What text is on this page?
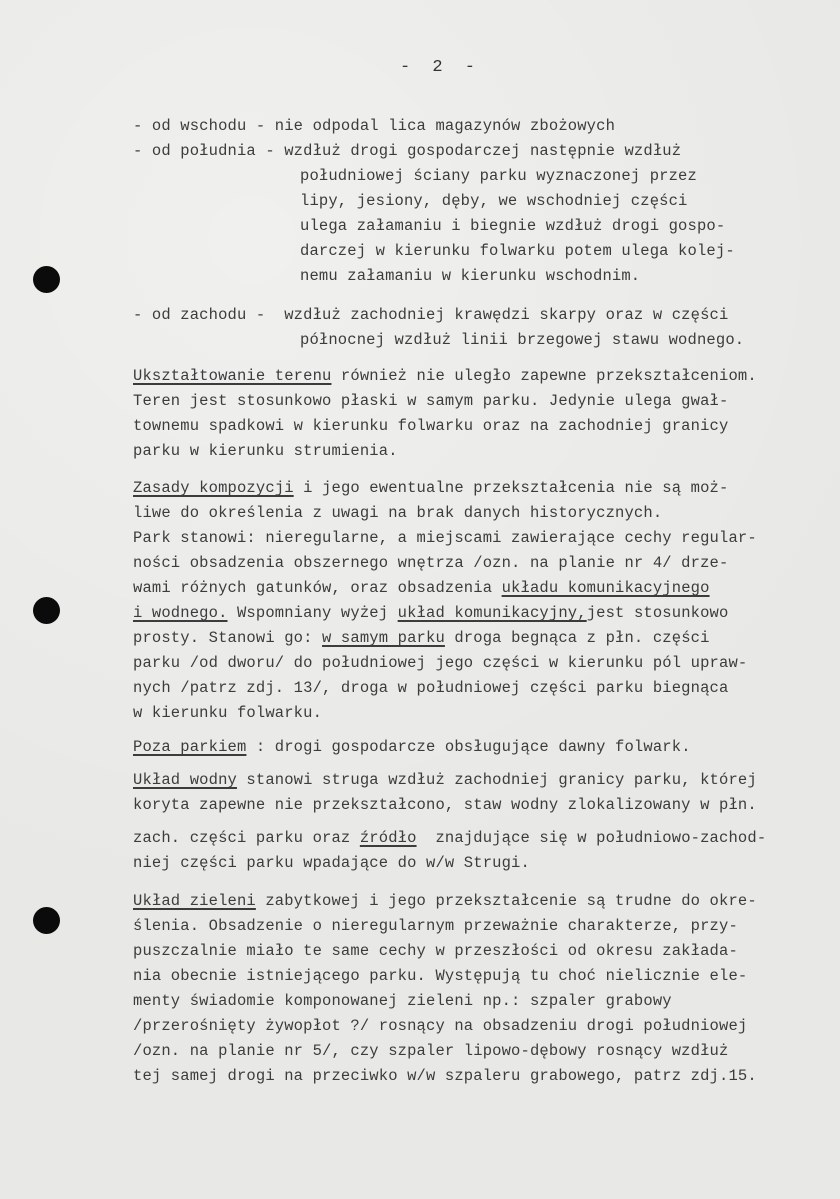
- 2 -
- od wschodu - nie odpodal lica magazynów zbożowych
- od południa - wzdłuż drogi gospodarczej następnie wzdłuż
południowej ściany parku wyznaczonej przez
lipy, jesiony, dęby, we wschodniej części
ulega załamaniu i biegnie wzdłuż drogi gospo-
darczej w kierunku folwarku potem ulega kolej-
nemu załamaniu w kierunku wschodnim.
- od zachodu -  wzdłuż zachodniej krawędzi skarpy oraz w części
północnej wzdłuż linii brzegowej stawu wodnego.
Ukształtowanie terenu również nie uległo zapewne przekształceniom.
Teren jest stosunkowo płaski w samym parku. Jedynie ulega gwał-
townemu spadkowi w kierunku folwarku oraz na zachodniej granicy
parku w kierunku strumienia.
Zasady kompozycji i jego ewentualne przekształcenia nie są moż-
liwe do określenia z uwagi na brak danych historycznych.
Park stanowi: nieregularne, a miejscami zawierające cechy regular-
ności obsadzenia obszernego wnętrza /ozn. na planie nr 4/ drze-
wami różnych gatunków, oraz obsadzenia układu komunikacyjnego
i wodnego. Wspomniany wyżej układ komunikacyjny,jest stosunkowo
prosty. Stanowi go: w samym parku droga begnąca z płn. części
parku /od dworu/ do południowej jego części w kierunku pól upraw-
nych /patrz zdj. 13/, droga w południowej części parku biegnąca
w kierunku folwarku.
Poza parkiem : drogi gospodarcze obsługujące dawny folwark.
Układ wodny stanowi struga wzdłuż zachodniej granicy parku, której
koryta zapewne nie przekształcono, staw wodny zlokalizowany w płn.
zach. części parku oraz źródło  znajdujące się w południowo-zachod-
niej części parku wpadające do w/w Strugi.
Układ zieleni zabytkowej i jego przekształcenie są trudne do okre-
ślenia. Obsadzenie o nieregularnym przeważnie charakterze, przy-
puszczalnie miało te same cechy w przeszłości od okresu zakłada-
nia obecnie istniejącego parku. Występują tu choć nielicznie ele-
menty świadomie komponowanej zieleni np.: szpaler grabowy
/przerośnięty żywopłot ?/ rosnący na obsadzeniu drogi południowej
/ozn. na planie nr 5/, czy szpaler lipowo-dębowy rosnący wzdłuż
tej samej drogi na przeciwko w/w szpaleru grabowego, patrz zdj.15.
